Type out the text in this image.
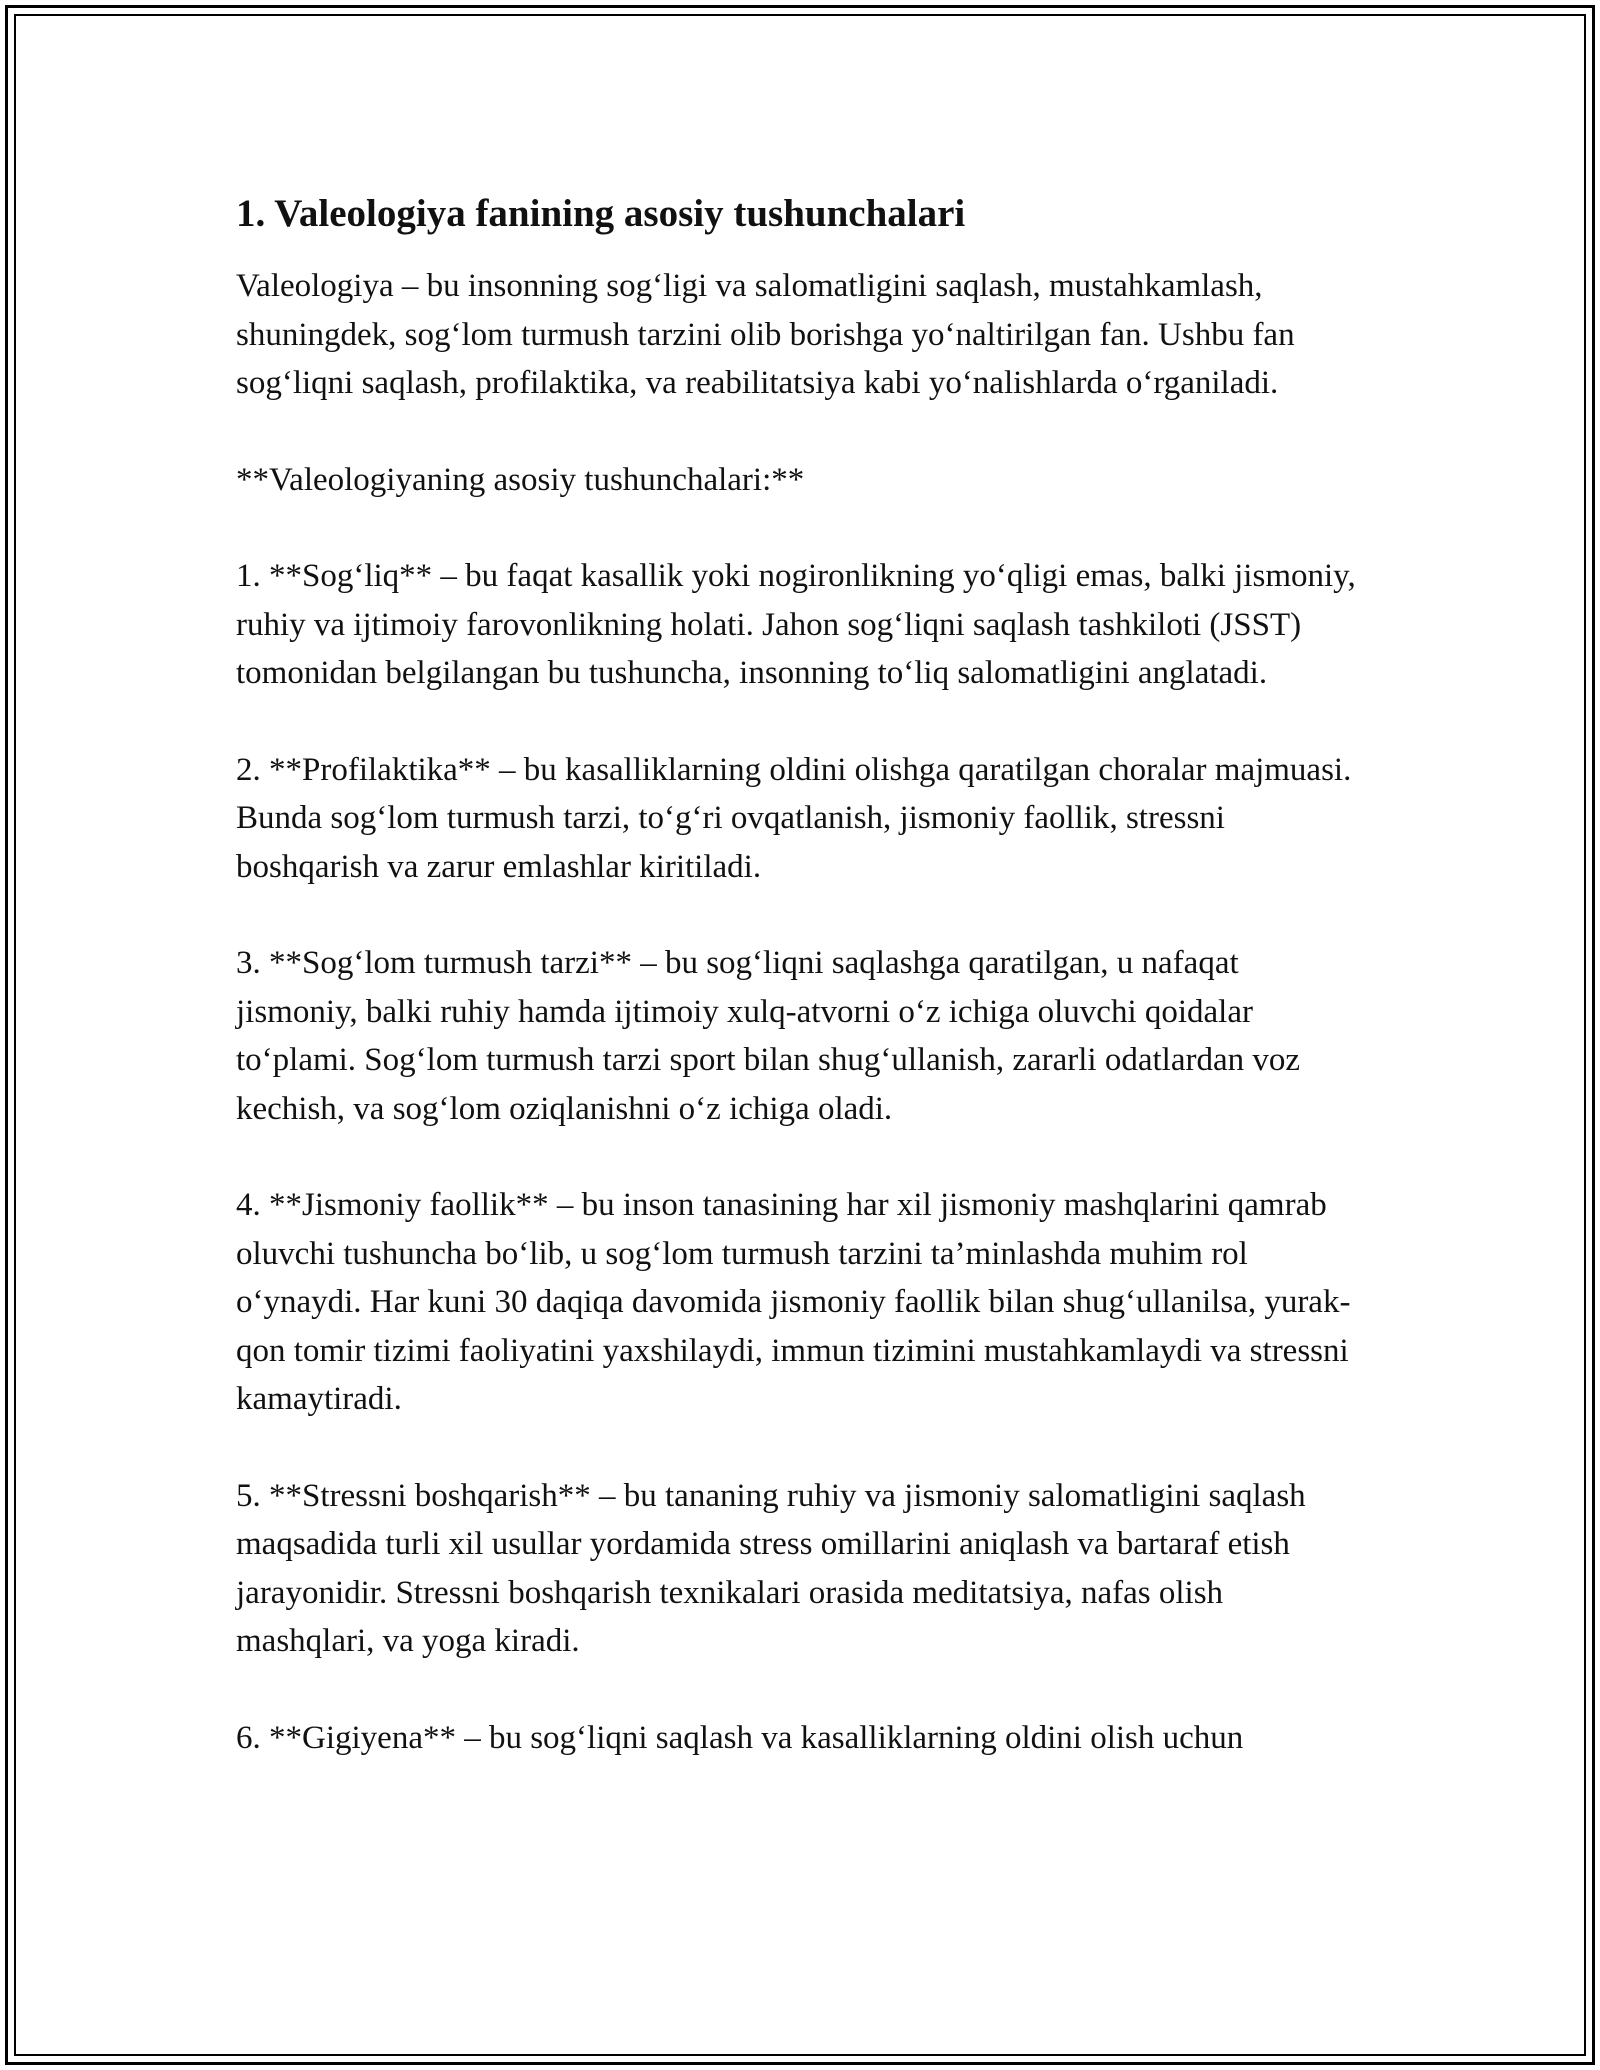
1. Valeologiya fanining asosiy tushunchalari

Valeologiya – bu insonning sog‘ligi va salomatligini saqlash, mustahkamlash, shuningdek, sog‘lom turmush tarzini olib borishga yo‘naltirilgan fan. Ushbu fan sog‘liqni saqlash, profilaktika, va reabilitatsiya kabi yo‘nalishlarda o‘rganiladi.

**Valeologiyaning asosiy tushunchalari:**

1. **Sog‘liq** – bu faqat kasallik yoki nogironlikning yo‘qligi emas, balki jismoniy, ruhiy va ijtimoiy farovonlikning holati. Jahon sog‘liqni saqlash tashkiloti (JSST) tomonidan belgilangan bu tushuncha, insonning to‘liq salomatligini anglatadi.

2. **Profilaktika** – bu kasalliklarning oldini olishga qaratilgan choralar majmuasi. Bunda sog‘lom turmush tarzi, to‘g‘ri ovqatlanish, jismoniy faollik, stressni boshqarish va zarur emlashlar kiritiladi.

3. **Sog‘lom turmush tarzi** – bu sog‘liqni saqlashga qaratilgan, u nafaqat jismoniy, balki ruhiy hamda ijtimoiy xulq-atvorni o‘z ichiga oluvchi qoidalar to‘plami. Sog‘lom turmush tarzi sport bilan shug‘ullanish, zararli odatlardan voz kechish, va sog‘lom oziqlanishni o‘z ichiga oladi.

4. **Jismoniy faollik** – bu inson tanasining har xil jismoniy mashqlarini qamrab oluvchi tushuncha bo‘lib, u sog‘lom turmush tarzini ta’minlashda muhim rol o‘ynaydi. Har kuni 30 daqiqa davomida jismoniy faollik bilan shug‘ullanilsa, yurak-qon tomir tizimi faoliyatini yaxshilaydi, immun tizimini mustahkamlaydi va stressni kamaytiradi.

5. **Stressni boshqarish** – bu tananing ruhiy va jismoniy salomatligini saqlash maqsadida turli xil usullar yordamida stress omillarini aniqlash va bartaraf etish jarayonidir. Stressni boshqarish texnikalari orasida meditatsiya, nafas olish mashqlari, va yoga kiradi.

6. **Gigiyena** – bu sog‘liqni saqlash va kasalliklarning oldini olish uchun
